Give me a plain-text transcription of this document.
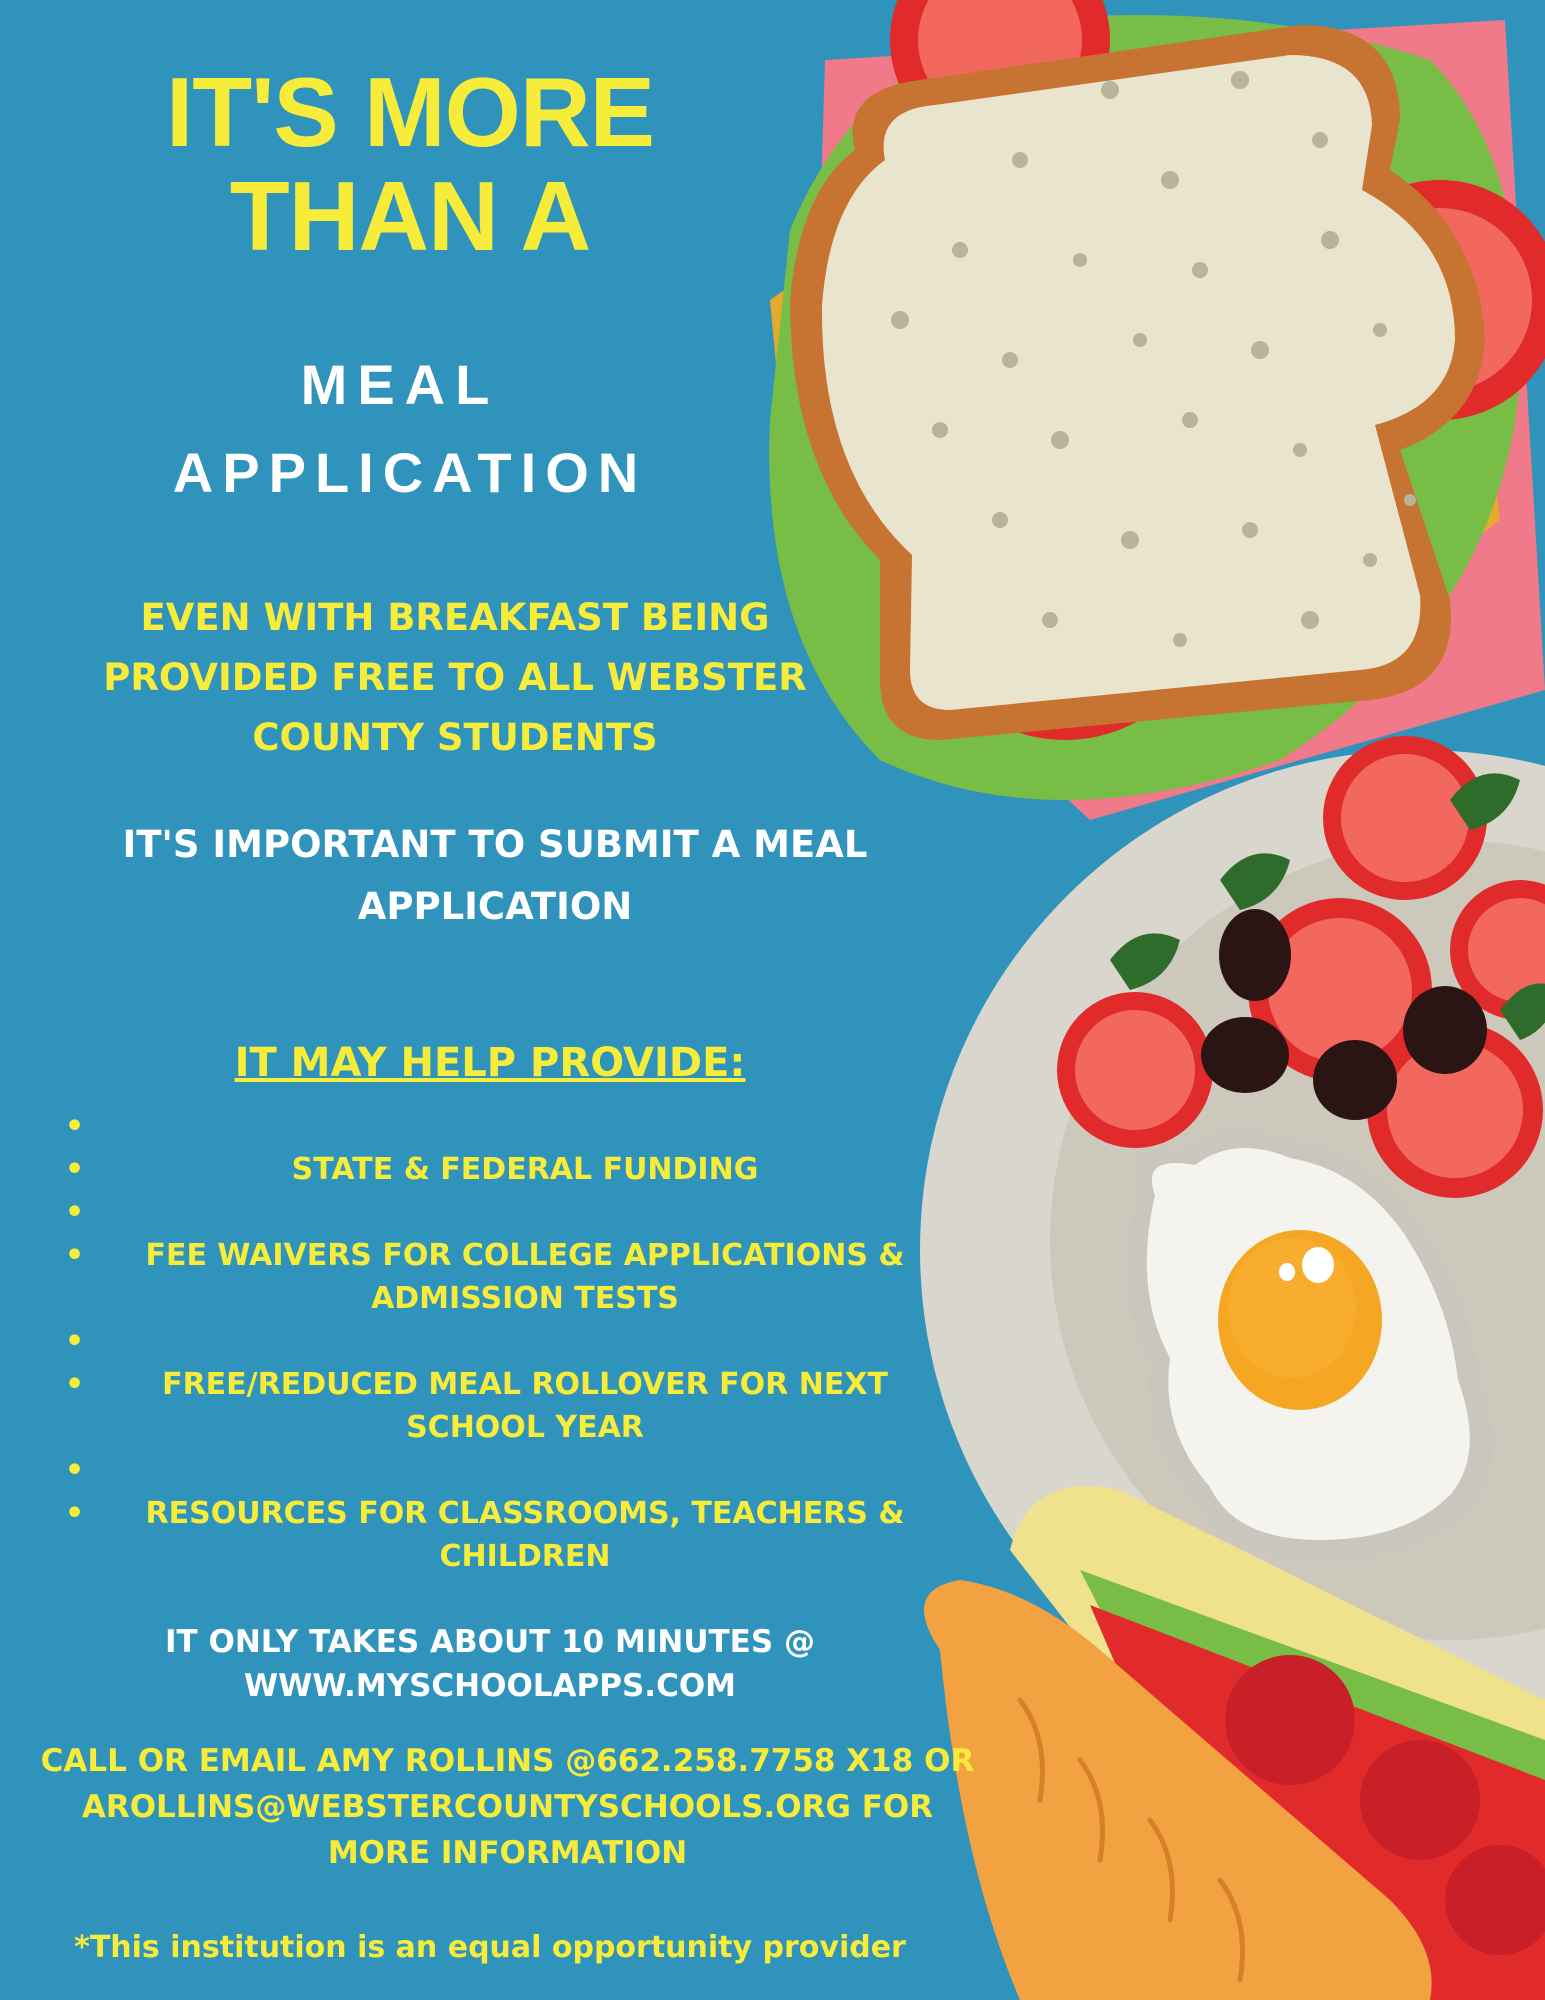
IT'S MORE
THAN A
MEAL
APPLICATION
EVEN WITH BREAKFAST BEING
PROVIDED FREE TO ALL WEBSTER
COUNTY STUDENTS
IT'S IMPORTANT TO SUBMIT A MEAL
APPLICATION
IT MAY HELP PROVIDE:
•
• STATE & FEDERAL FUNDING
•
• FEE WAIVERS FOR COLLEGE APPLICATIONS & ADMISSION TESTS
•
• FREE/REDUCED MEAL ROLLOVER FOR NEXT SCHOOL YEAR
•
• RESOURCES FOR CLASSROOMS, TEACHERS & CHILDREN
IT ONLY TAKES ABOUT 10 MINUTES @
WWW.MYSCHOOLAPPS.COM
CALL OR EMAIL AMY ROLLINS @662.258.7758 X18 OR
AROLLINS@WEBSTERCOUNTYSCHOOLS.ORG FOR
MORE INFORMATION
*This institution is an equal opportunity provider
